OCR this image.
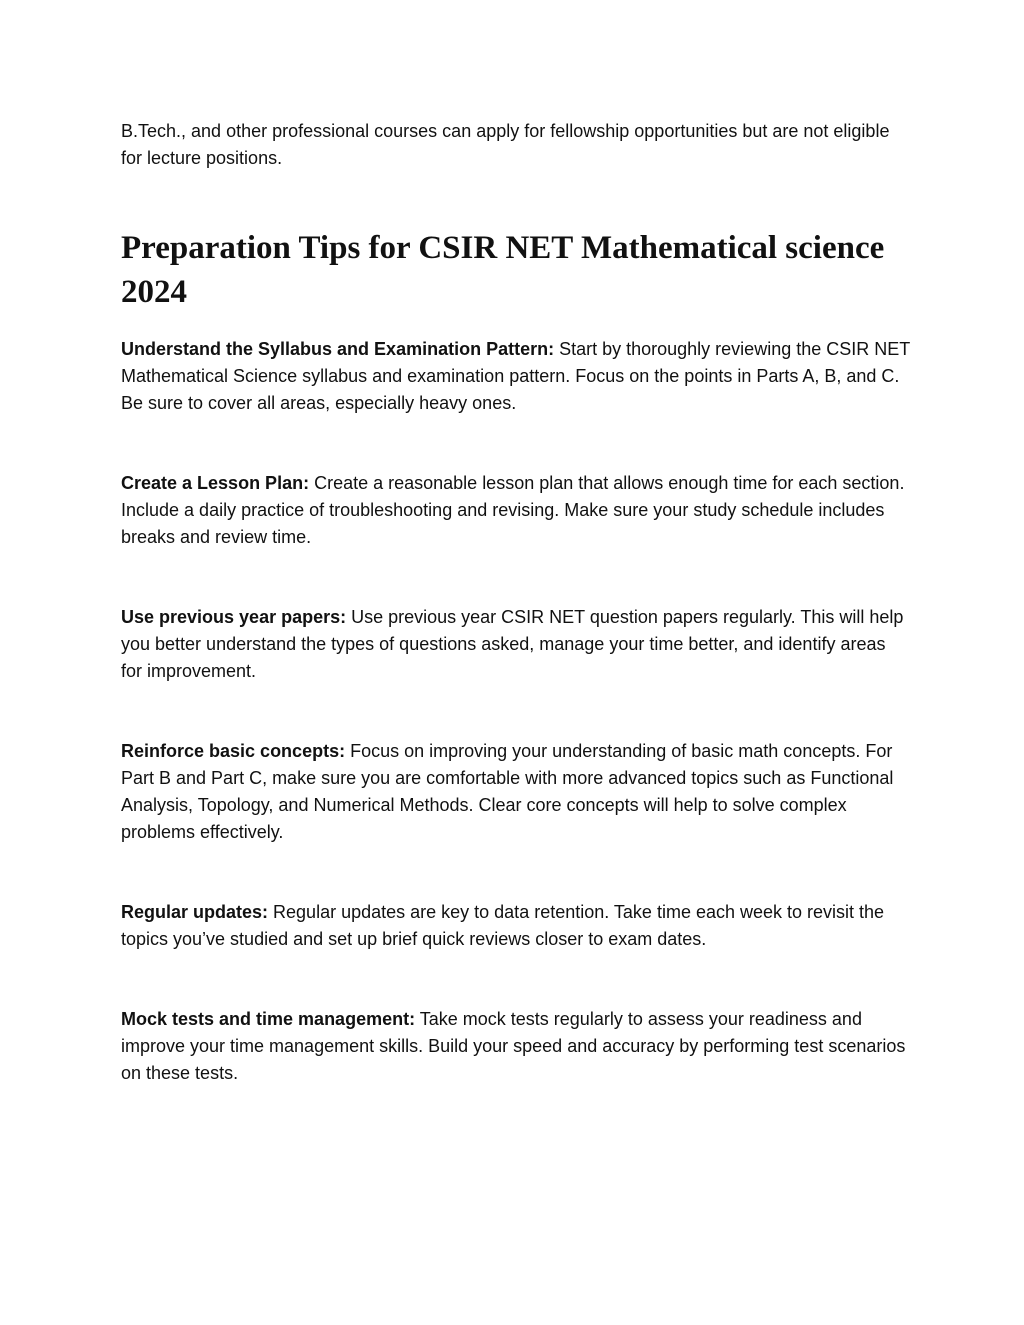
B.Tech., and other professional courses can apply for fellowship opportunities but are not eligible for lecture positions.

Preparation Tips for CSIR NET Mathematical science 2024

Understand the Syllabus and Examination Pattern: Start by thoroughly reviewing the CSIR NET Mathematical Science syllabus and examination pattern. Focus on the points in Parts A, B, and C. Be sure to cover all areas, especially heavy ones.

Create a Lesson Plan: Create a reasonable lesson plan that allows enough time for each section. Include a daily practice of troubleshooting and revising. Make sure your study schedule includes breaks and review time.

Use previous year papers: Use previous year CSIR NET question papers regularly. This will help you better understand the types of questions asked, manage your time better, and identify areas for improvement.

Reinforce basic concepts: Focus on improving your understanding of basic math concepts. For Part B and Part C, make sure you are comfortable with more advanced topics such as Functional Analysis, Topology, and Numerical Methods. Clear core concepts will help to solve complex problems effectively.

Regular updates: Regular updates are key to data retention. Take time each week to revisit the topics you’ve studied and set up brief quick reviews closer to exam dates.

Mock tests and time management: Take mock tests regularly to assess your readiness and improve your time management skills. Build your speed and accuracy by performing test scenarios on these tests.
